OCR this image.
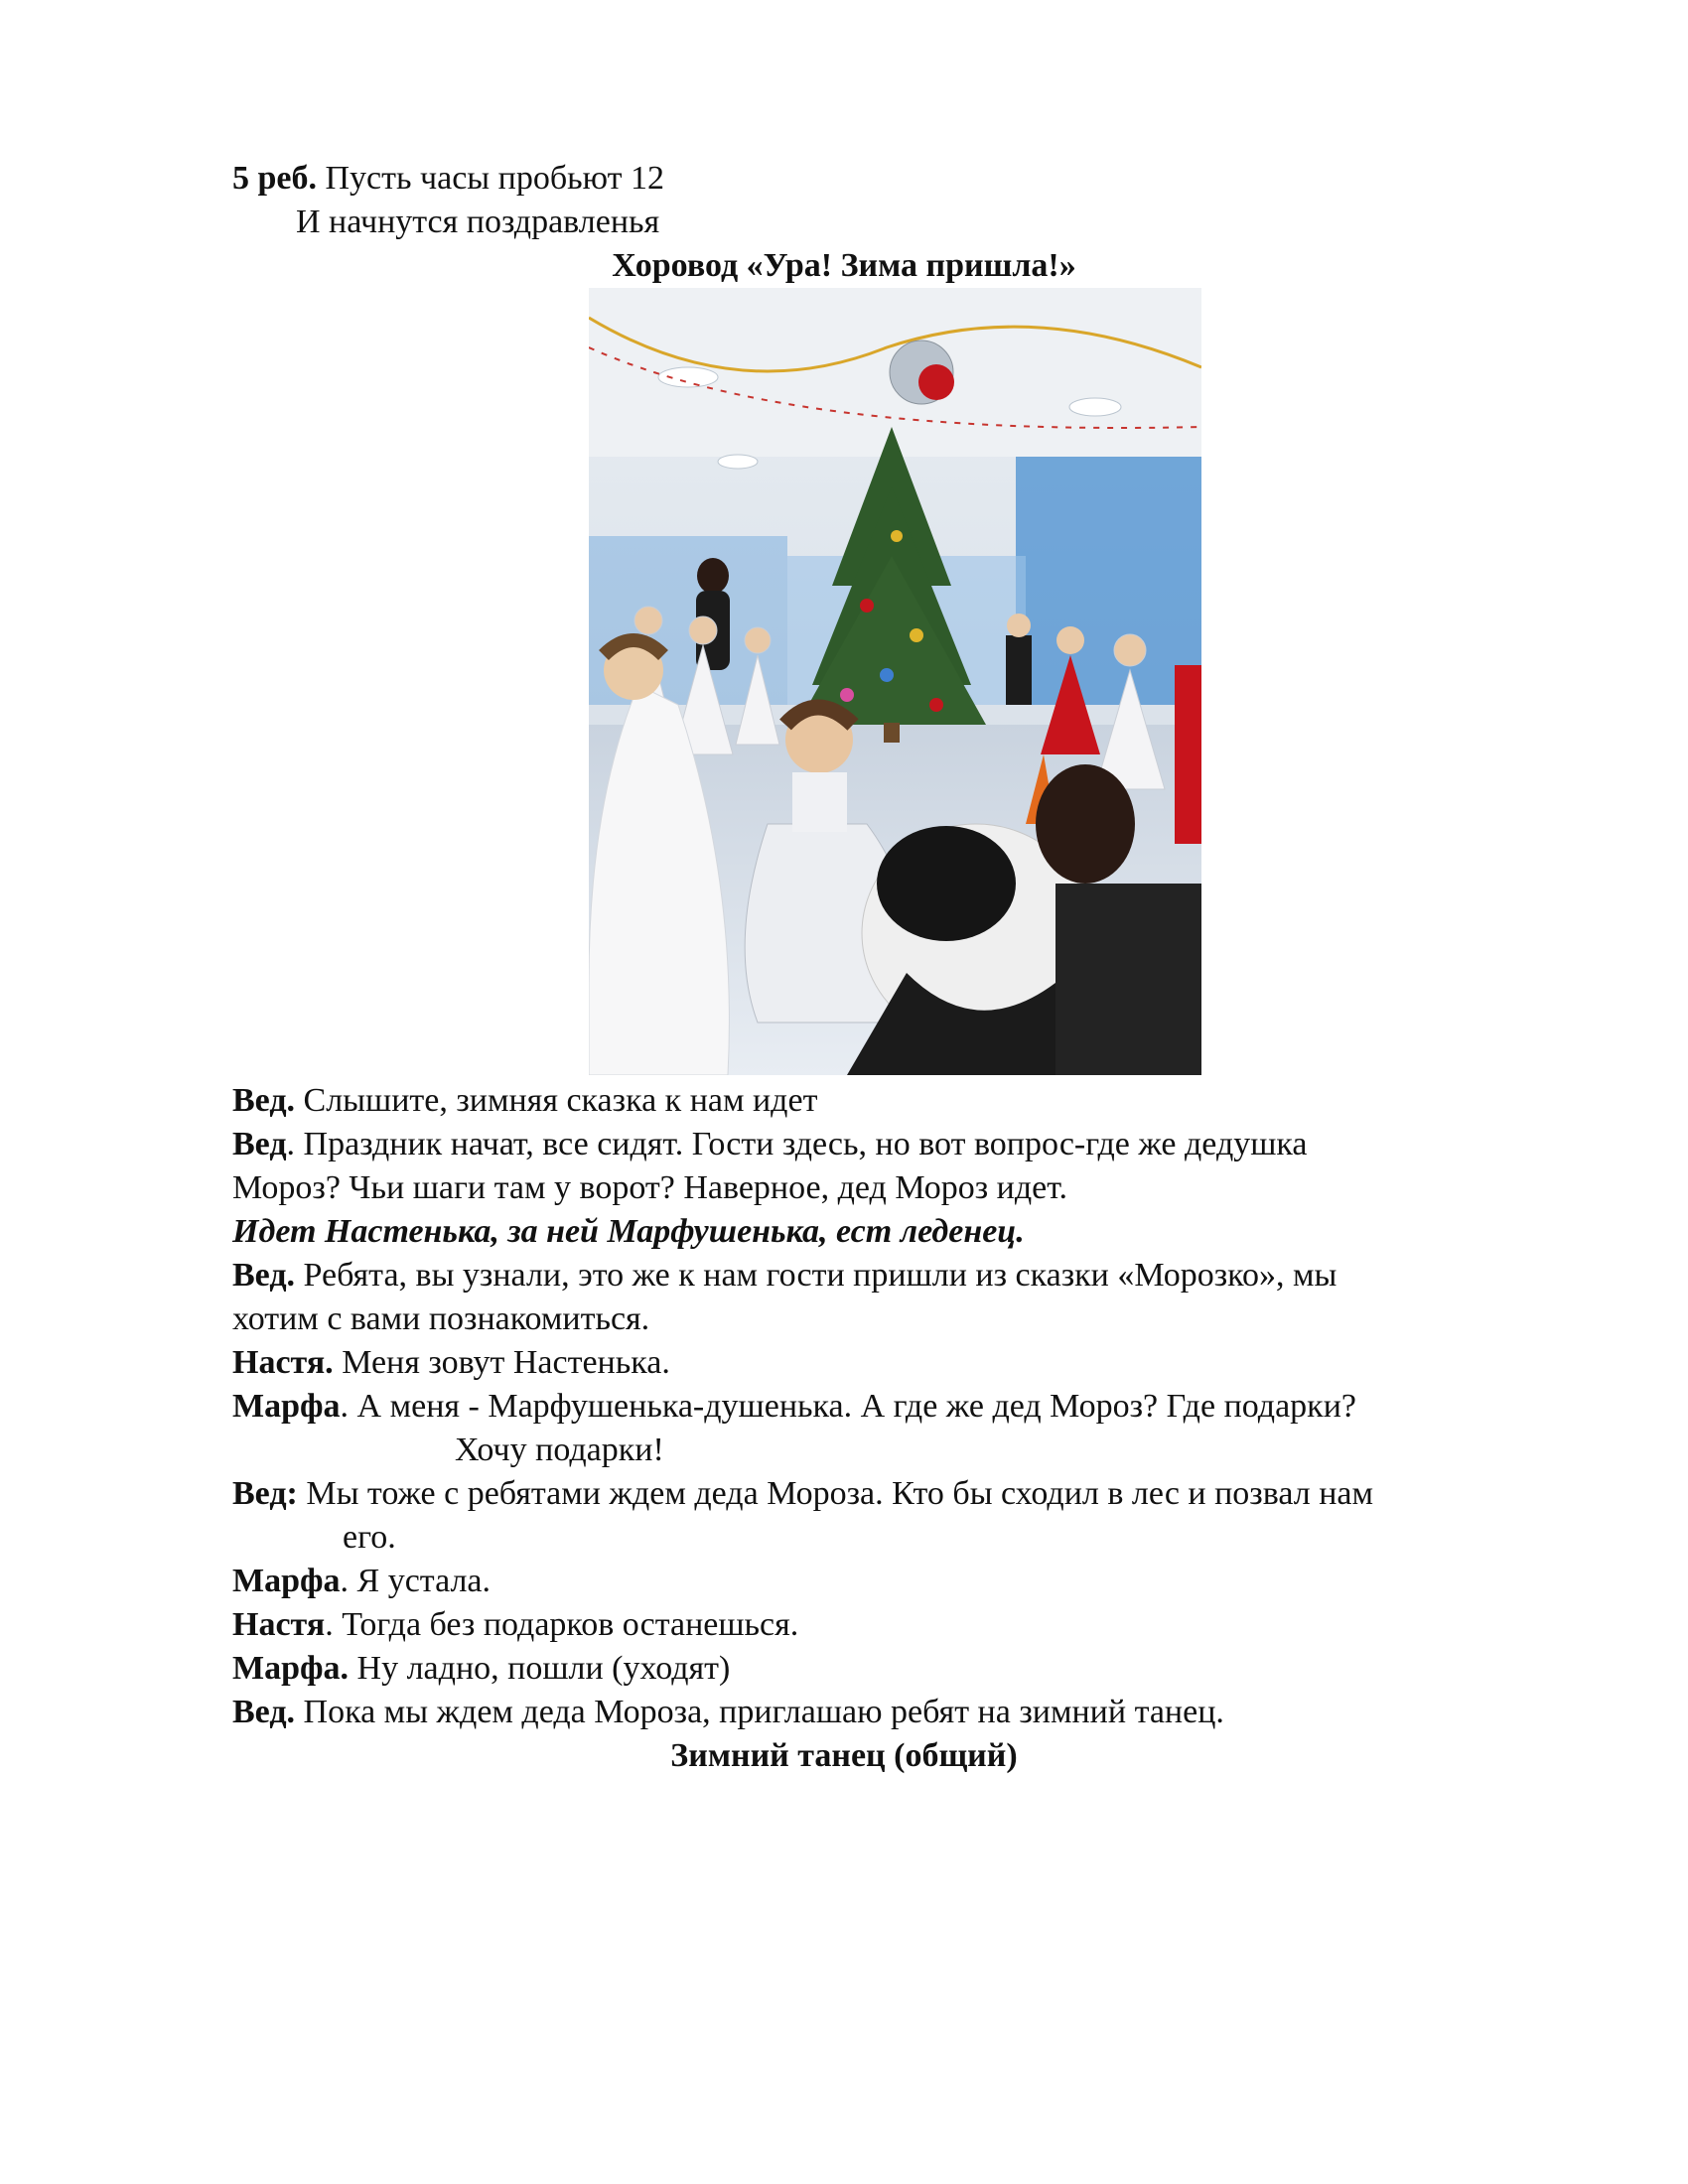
5 реб. Пусть часы пробьют 12
И начнутся поздравленья
Хоровод «Ура! Зима пришла!»
Вед. Слышите, зимняя сказка к нам идет
Вед. Праздник начат, все сидят. Гости здесь, но вот вопрос-где же дедушка
Мороз? Чьи шаги там у ворот? Наверное, дед Мороз идет.
Идет Настенька, за ней Марфушенька, ест леденец.
Вед. Ребята, вы узнали, это же к нам гости пришли из сказки «Морозко», мы
хотим с вами познакомиться.
Настя. Меня зовут Настенька.
Марфа. А меня - Марфушенька-душенька. А где же дед Мороз? Где подарки?
Хочу подарки!
Вед: Мы тоже с ребятами ждем деда Мороза. Кто бы сходил в лес и позвал нам
его.
Марфа. Я устала.
Настя. Тогда без подарков останешься.
Марфа. Ну ладно, пошли (уходят)
Вед. Пока мы ждем деда Мороза, приглашаю ребят на зимний танец.
Зимний танец (общий)
